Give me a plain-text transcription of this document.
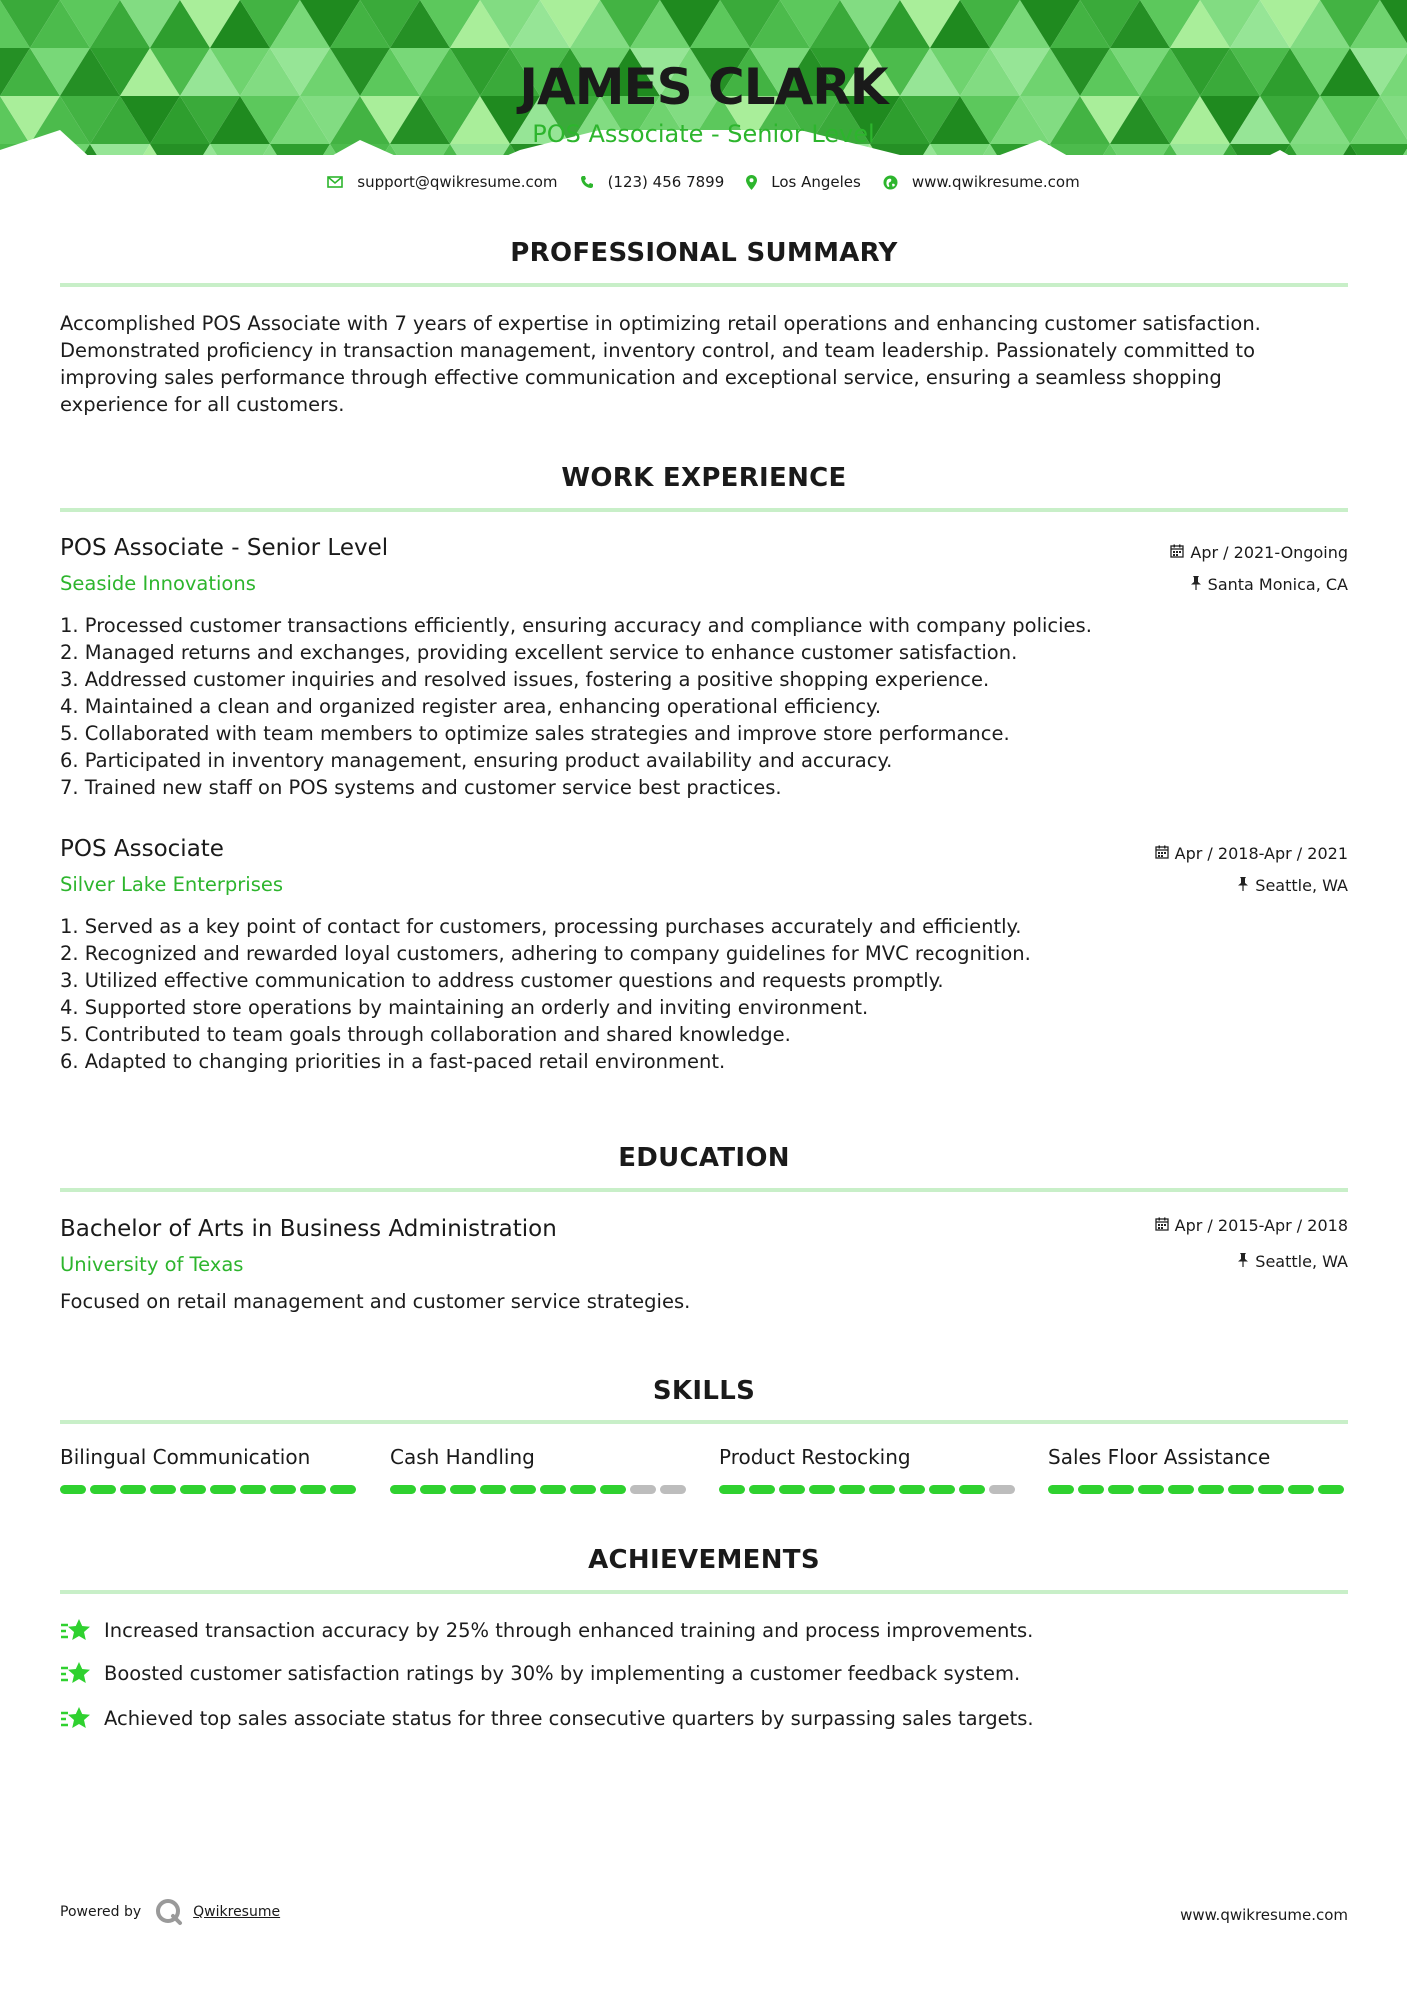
JAMES CLARK
POS Associate - Senior Level
support@qwikresume.com	(123) 456 7899	Los Angeles	www.qwikresume.com
PROFESSIONAL SUMMARY
Accomplished POS Associate with 7 years of expertise in optimizing retail operations and enhancing customer satisfaction.
Demonstrated proficiency in transaction management, inventory control, and team leadership. Passionately committed to
improving sales performance through effective communication and exceptional service, ensuring a seamless shopping
experience for all customers.
WORK EXPERIENCE
POS Associate - Senior Level
Seaside Innovations
Apr / 2021-Ongoing
Santa Monica, CA
1. Processed customer transactions efficiently, ensuring accuracy and compliance with company policies.
2. Managed returns and exchanges, providing excellent service to enhance customer satisfaction.
3. Addressed customer inquiries and resolved issues, fostering a positive shopping experience.
4. Maintained a clean and organized register area, enhancing operational efficiency.
5. Collaborated with team members to optimize sales strategies and improve store performance.
6. Participated in inventory management, ensuring product availability and accuracy.
7. Trained new staff on POS systems and customer service best practices.
POS Associate
Silver Lake Enterprises
Apr / 2018-Apr / 2021
Seattle, WA
1. Served as a key point of contact for customers, processing purchases accurately and efficiently.
2. Recognized and rewarded loyal customers, adhering to company guidelines for MVC recognition.
3. Utilized effective communication to address customer questions and requests promptly.
4. Supported store operations by maintaining an orderly and inviting environment.
5. Contributed to team goals through collaboration and shared knowledge.
6. Adapted to changing priorities in a fast-paced retail environment.
EDUCATION
Bachelor of Arts in Business Administration
University of Texas
Apr / 2015-Apr / 2018
Seattle, WA
Focused on retail management and customer service strategies.
SKILLS
Bilingual Communication	Cash Handling	Product Restocking	Sales Floor Assistance
ACHIEVEMENTS
Increased transaction accuracy by 25% through enhanced training and process improvements.
Boosted customer satisfaction ratings by 30% by implementing a customer feedback system.
Achieved top sales associate status for three consecutive quarters by surpassing sales targets.
Powered by	Qwikresume	www.qwikresume.com
